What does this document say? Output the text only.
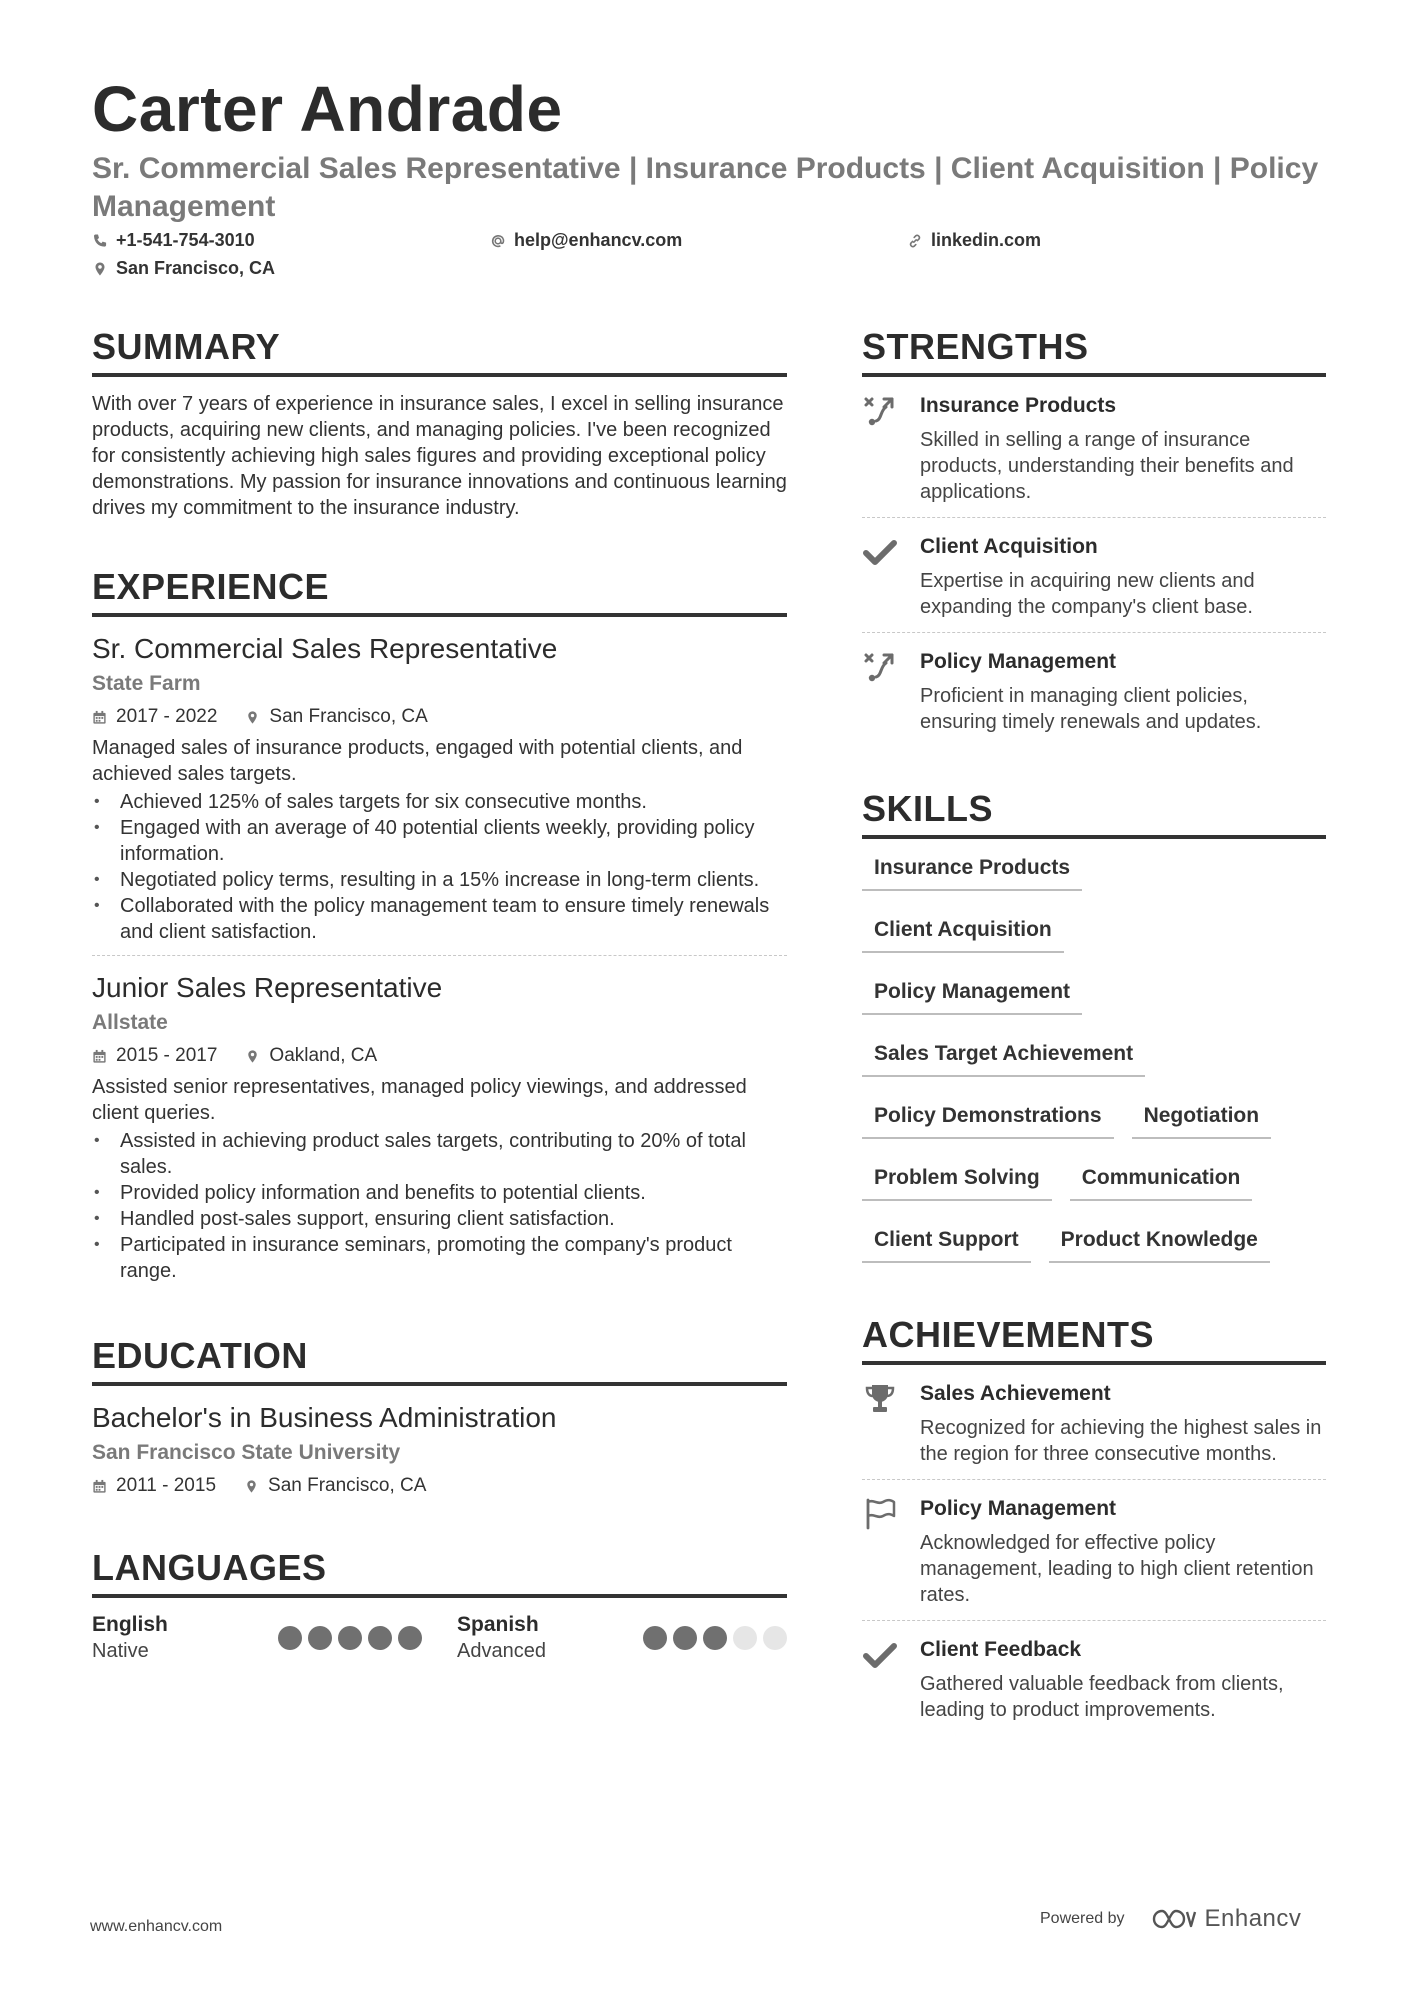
Carter Andrade
Sr. Commercial Sales Representative | Insurance Products | Client Acquisition | Policy Management
+1-541-754-3010	help@enhancv.com	linkedin.com
San Francisco, CA
SUMMARY

With over 7 years of experience in insurance sales, I excel in selling insurance products, acquiring new clients, and managing policies. I've been recognized for consistently achieving high sales figures and providing exceptional policy demonstrations. My passion for insurance innovations and continuous learning drives my commitment to the insurance industry.

EXPERIENCE
Sr. Commercial Sales Representative
State Farm
2017 - 2022	San Francisco, CA

Managed sales of insurance products, engaged with potential clients, and achieved sales targets.

• Achieved 125% of sales targets for six consecutive months.
• Engaged with an average of 40 potential clients weekly, providing policy information.
• Negotiated policy terms, resulting in a 15% increase in long-term clients.
• Collaborated with the policy management team to ensure timely renewals and client satisfaction.
Junior Sales Representative
Allstate
2015 - 2017	Oakland, CA

Assisted senior representatives, managed policy viewings, and addressed client queries.

• Assisted in achieving product sales targets, contributing to 20% of total sales.
• Provided policy information and benefits to potential clients.
• Handled post-sales support, ensuring client satisfaction.
• Participated in insurance seminars, promoting the company's product range.
EDUCATION
Bachelor's in Business Administration
San Francisco State University
2011 - 2015	San Francisco, CA
LANGUAGES
English
Native
Spanish
Advanced
STRENGTHS
Insurance Products
Skilled in selling a range of insurance products, understanding their benefits and applications.
Client Acquisition
Expertise in acquiring new clients and expanding the company's client base.
Policy Management
Proficient in managing client policies, ensuring timely renewals and updates.
SKILLS
Insurance Products
Client Acquisition
Policy Management
Sales Target Achievement
Policy Demonstrations	Negotiation
Problem Solving	Communication
Client Support	Product Knowledge
ACHIEVEMENTS
Sales Achievement
Recognized for achieving the highest sales in the region for three consecutive months.
Policy Management
Acknowledged for effective policy management, leading to high client retention rates.
Client Feedback
Gathered valuable feedback from clients, leading to product improvements.
www.enhancv.com	Powered by	Enhancv
